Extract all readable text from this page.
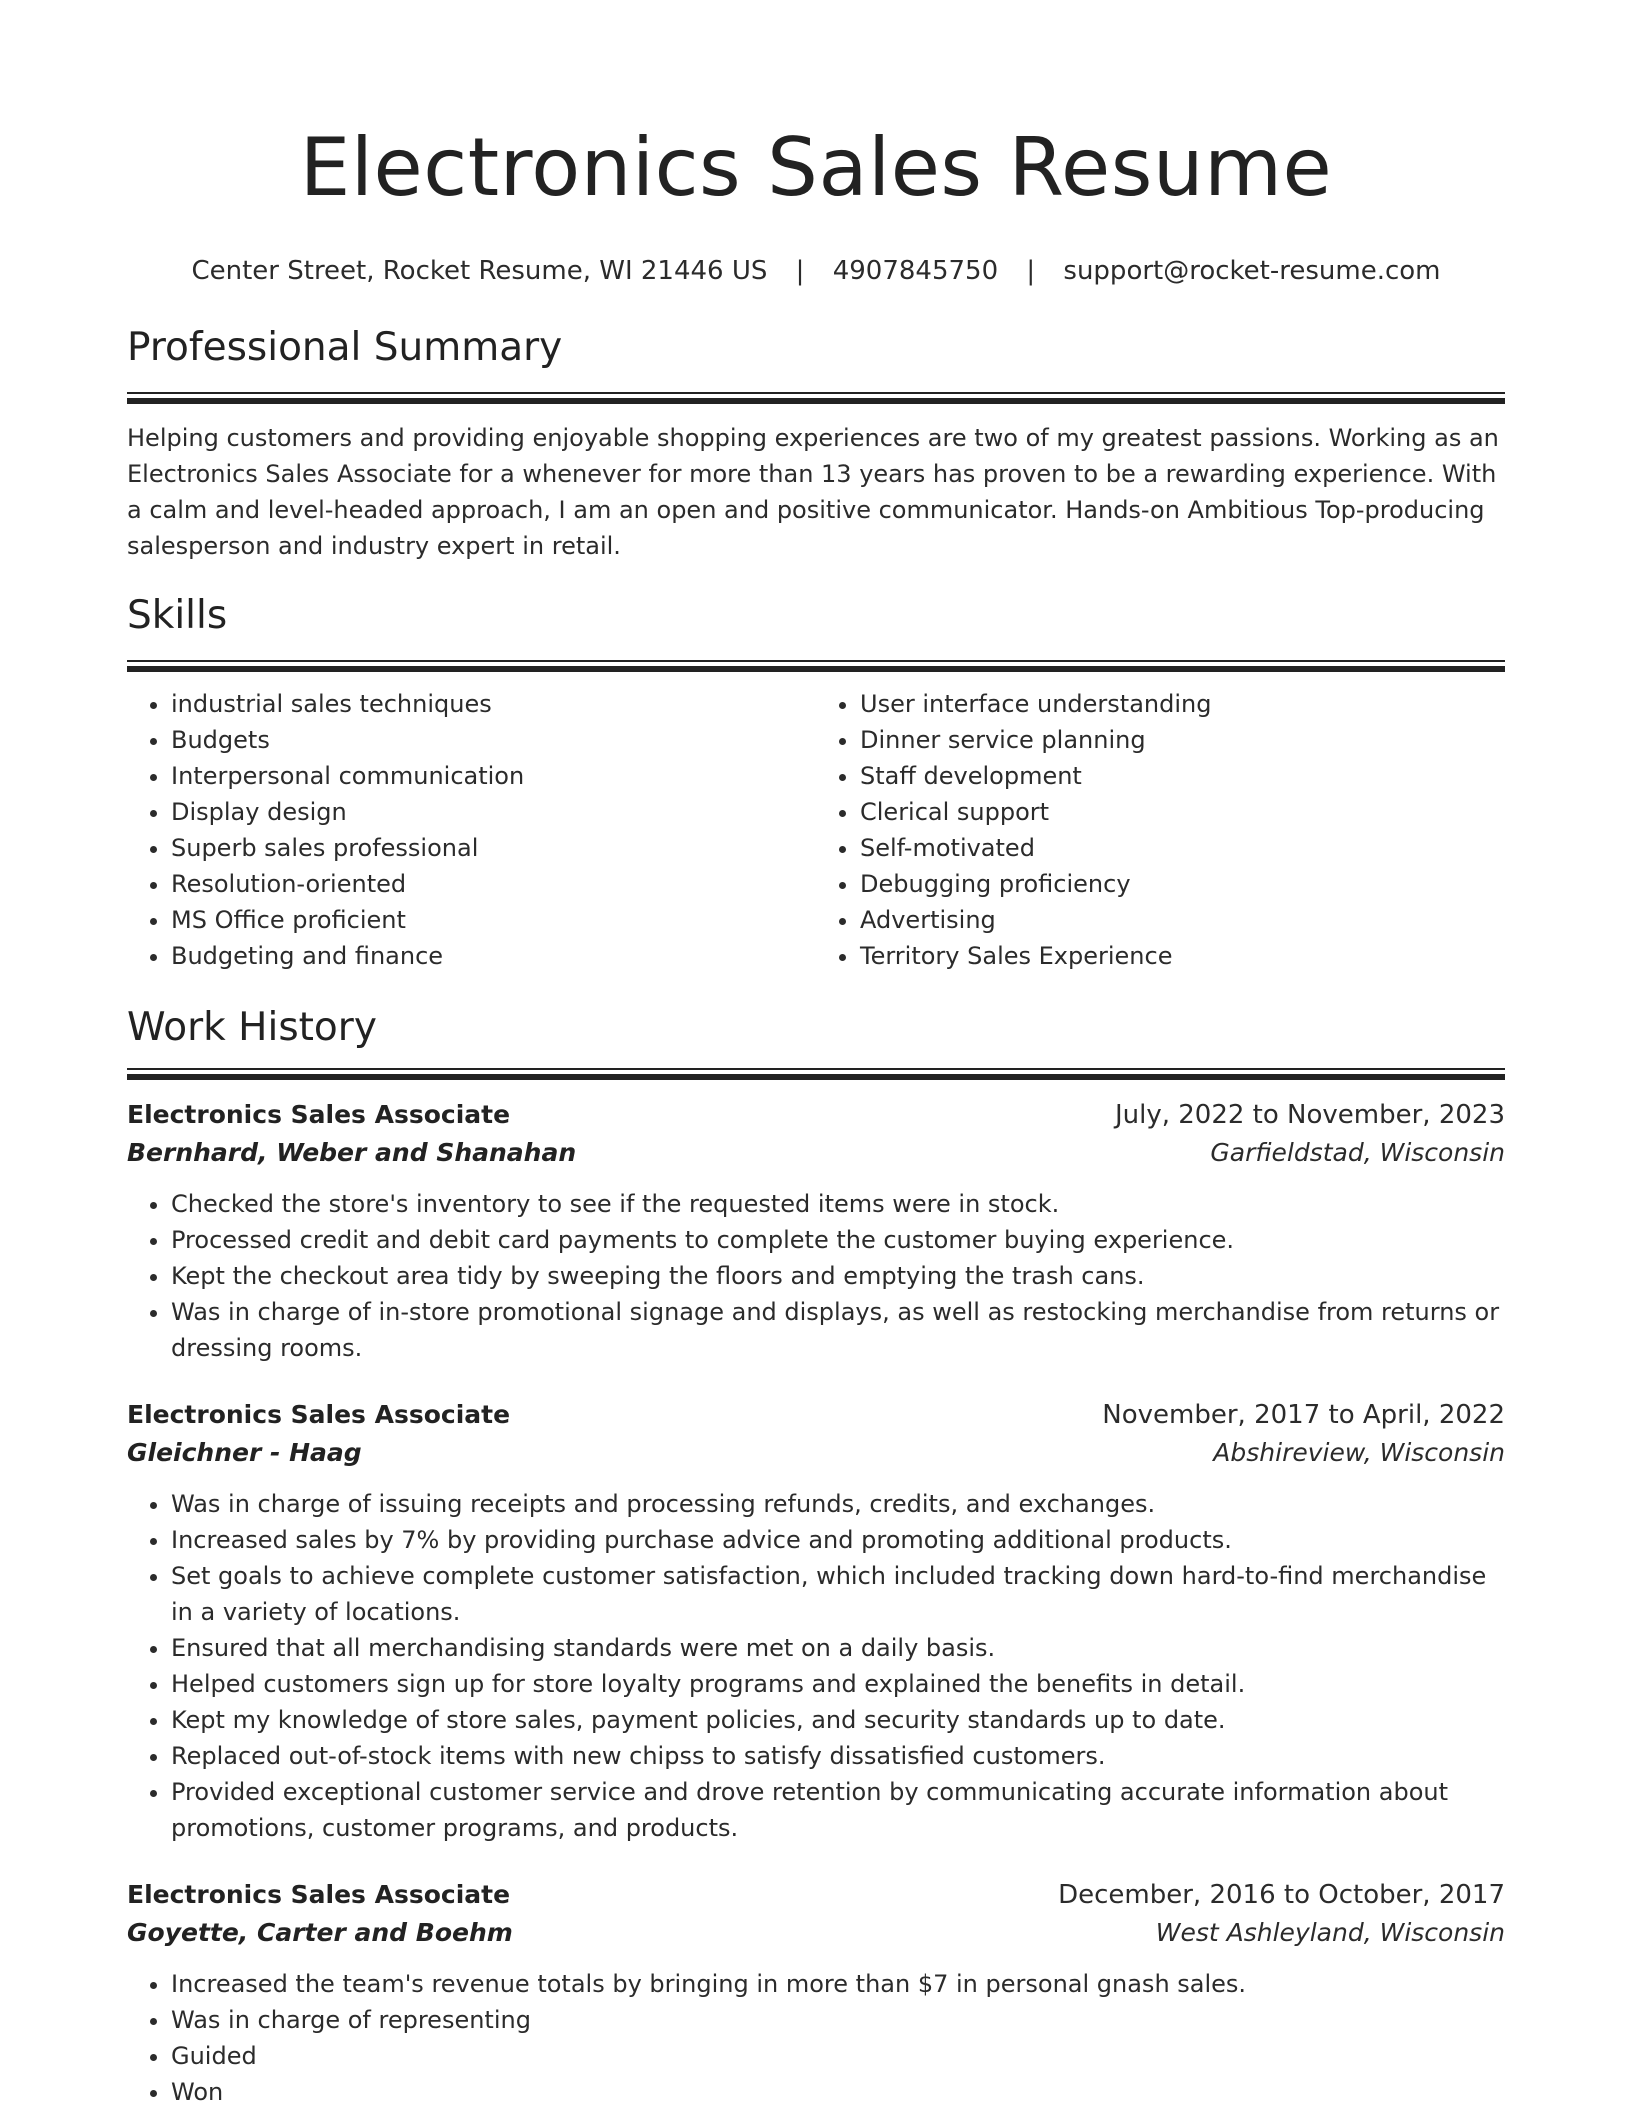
Electronics Sales Resume
Center Street, Rocket Resume, WI 21446 US | 4907845750 | support@rocket-resume.com
Professional Summary

Helping customers and providing enjoyable shopping experiences are two of my greatest passions. Working as an Electronics Sales Associate for a whenever for more than 13 years has proven to be a rewarding experience. With a calm and level-headed approach, I am an open and positive communicator. Hands-on Ambitious Top-producing salesperson and industry expert in retail.

Skills
• industrial sales techniques
• Budgets
• Interpersonal communication
• Display design
• Superb sales professional
• Resolution-oriented
• MS Office proficient
• Budgeting and finance
• User interface understanding
• Dinner service planning
• Staff development
• Clerical support
• Self-motivated
• Debugging proficiency
• Advertising
• Territory Sales Experience
Work History
Electronics Sales Associate	July, 2022 to November, 2023
Bernhard, Weber and Shanahan	Garfieldstad, Wisconsin
• Checked the store's inventory to see if the requested items were in stock.
• Processed credit and debit card payments to complete the customer buying experience.
• Kept the checkout area tidy by sweeping the floors and emptying the trash cans.
• Was in charge of in-store promotional signage and displays, as well as restocking merchandise from returns or dressing rooms.
Electronics Sales Associate	November, 2017 to April, 2022
Gleichner - Haag	Abshireview, Wisconsin
• Was in charge of issuing receipts and processing refunds, credits, and exchanges.
• Increased sales by 7% by providing purchase advice and promoting additional products.
• Set goals to achieve complete customer satisfaction, which included tracking down hard-to-find merchandise in a variety of locations.
• Ensured that all merchandising standards were met on a daily basis.
• Helped customers sign up for store loyalty programs and explained the benefits in detail.
• Kept my knowledge of store sales, payment policies, and security standards up to date.
• Replaced out-of-stock items with new chipss to satisfy dissatisfied customers.
• Provided exceptional customer service and drove retention by communicating accurate information about promotions, customer programs, and products.
Electronics Sales Associate	December, 2016 to October, 2017
Goyette, Carter and Boehm	West Ashleyland, Wisconsin
• Increased the team's revenue totals by bringing in more than $7 in personal gnash sales.
• Was in charge of representing
• Guided
• Won
